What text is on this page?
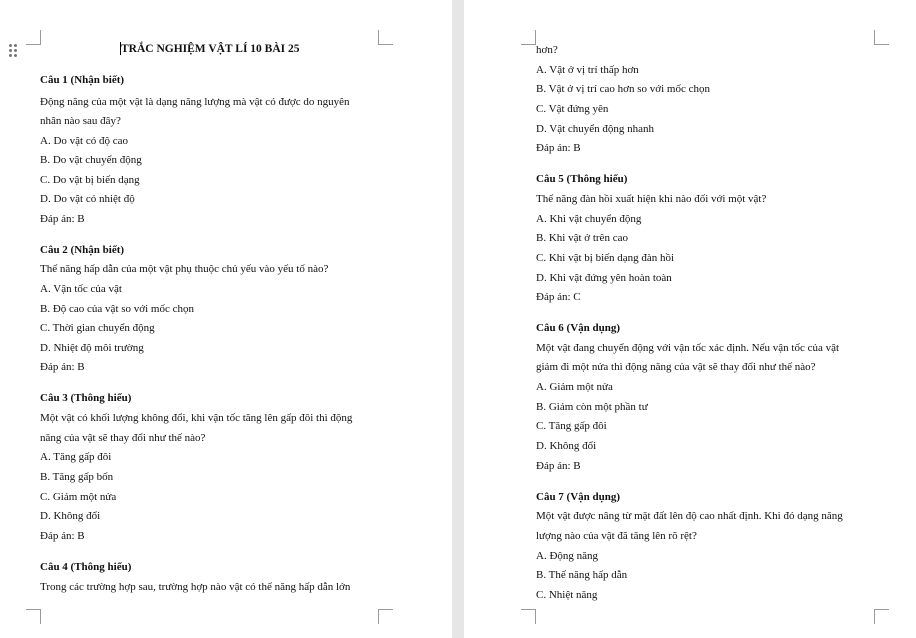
TRẮC NGHIỆM VẬT LÍ 10 BÀI 25
Câu 1 (Nhận biết)
Động năng của một vật là dạng năng lượng mà vật có được do nguyên
nhân nào sau đây?
A. Do vật có độ cao
B. Do vật chuyển động
C. Do vật bị biến dạng
D. Do vật có nhiệt độ
Đáp án: B
Câu 2 (Nhận biết)
Thế năng hấp dẫn của một vật phụ thuộc chủ yếu vào yếu tố nào?
A. Vận tốc của vật
B. Độ cao của vật so với mốc chọn
C. Thời gian chuyển động
D. Nhiệt độ môi trường
Đáp án: B
Câu 3 (Thông hiểu)
Một vật có khối lượng không đổi, khi vận tốc tăng lên gấp đôi thì động
năng của vật sẽ thay đổi như thế nào?
A. Tăng gấp đôi
B. Tăng gấp bốn
C. Giảm một nửa
D. Không đổi
Đáp án: B
Câu 4 (Thông hiểu)
Trong các trường hợp sau, trường hợp nào vật có thế năng hấp dẫn lớn
hơn?
A. Vật ở vị trí thấp hơn
B. Vật ở vị trí cao hơn so với mốc chọn
C. Vật đứng yên
D. Vật chuyển động nhanh
Đáp án: B
Câu 5 (Thông hiểu)
Thế năng đàn hồi xuất hiện khi nào đối với một vật?
A. Khi vật chuyển động
B. Khi vật ở trên cao
C. Khi vật bị biến dạng đàn hồi
D. Khi vật đứng yên hoàn toàn
Đáp án: C
Câu 6 (Vận dụng)
Một vật đang chuyển động với vận tốc xác định. Nếu vận tốc của vật
giảm đi một nửa thì động năng của vật sẽ thay đổi như thế nào?
A. Giảm một nửa
B. Giảm còn một phần tư
C. Tăng gấp đôi
D. Không đổi
Đáp án: B
Câu 7 (Vận dụng)
Một vật được nâng từ mặt đất lên độ cao nhất định. Khi đó dạng năng
lượng nào của vật đã tăng lên rõ rệt?
A. Động năng
B. Thế năng hấp dẫn
C. Nhiệt năng
